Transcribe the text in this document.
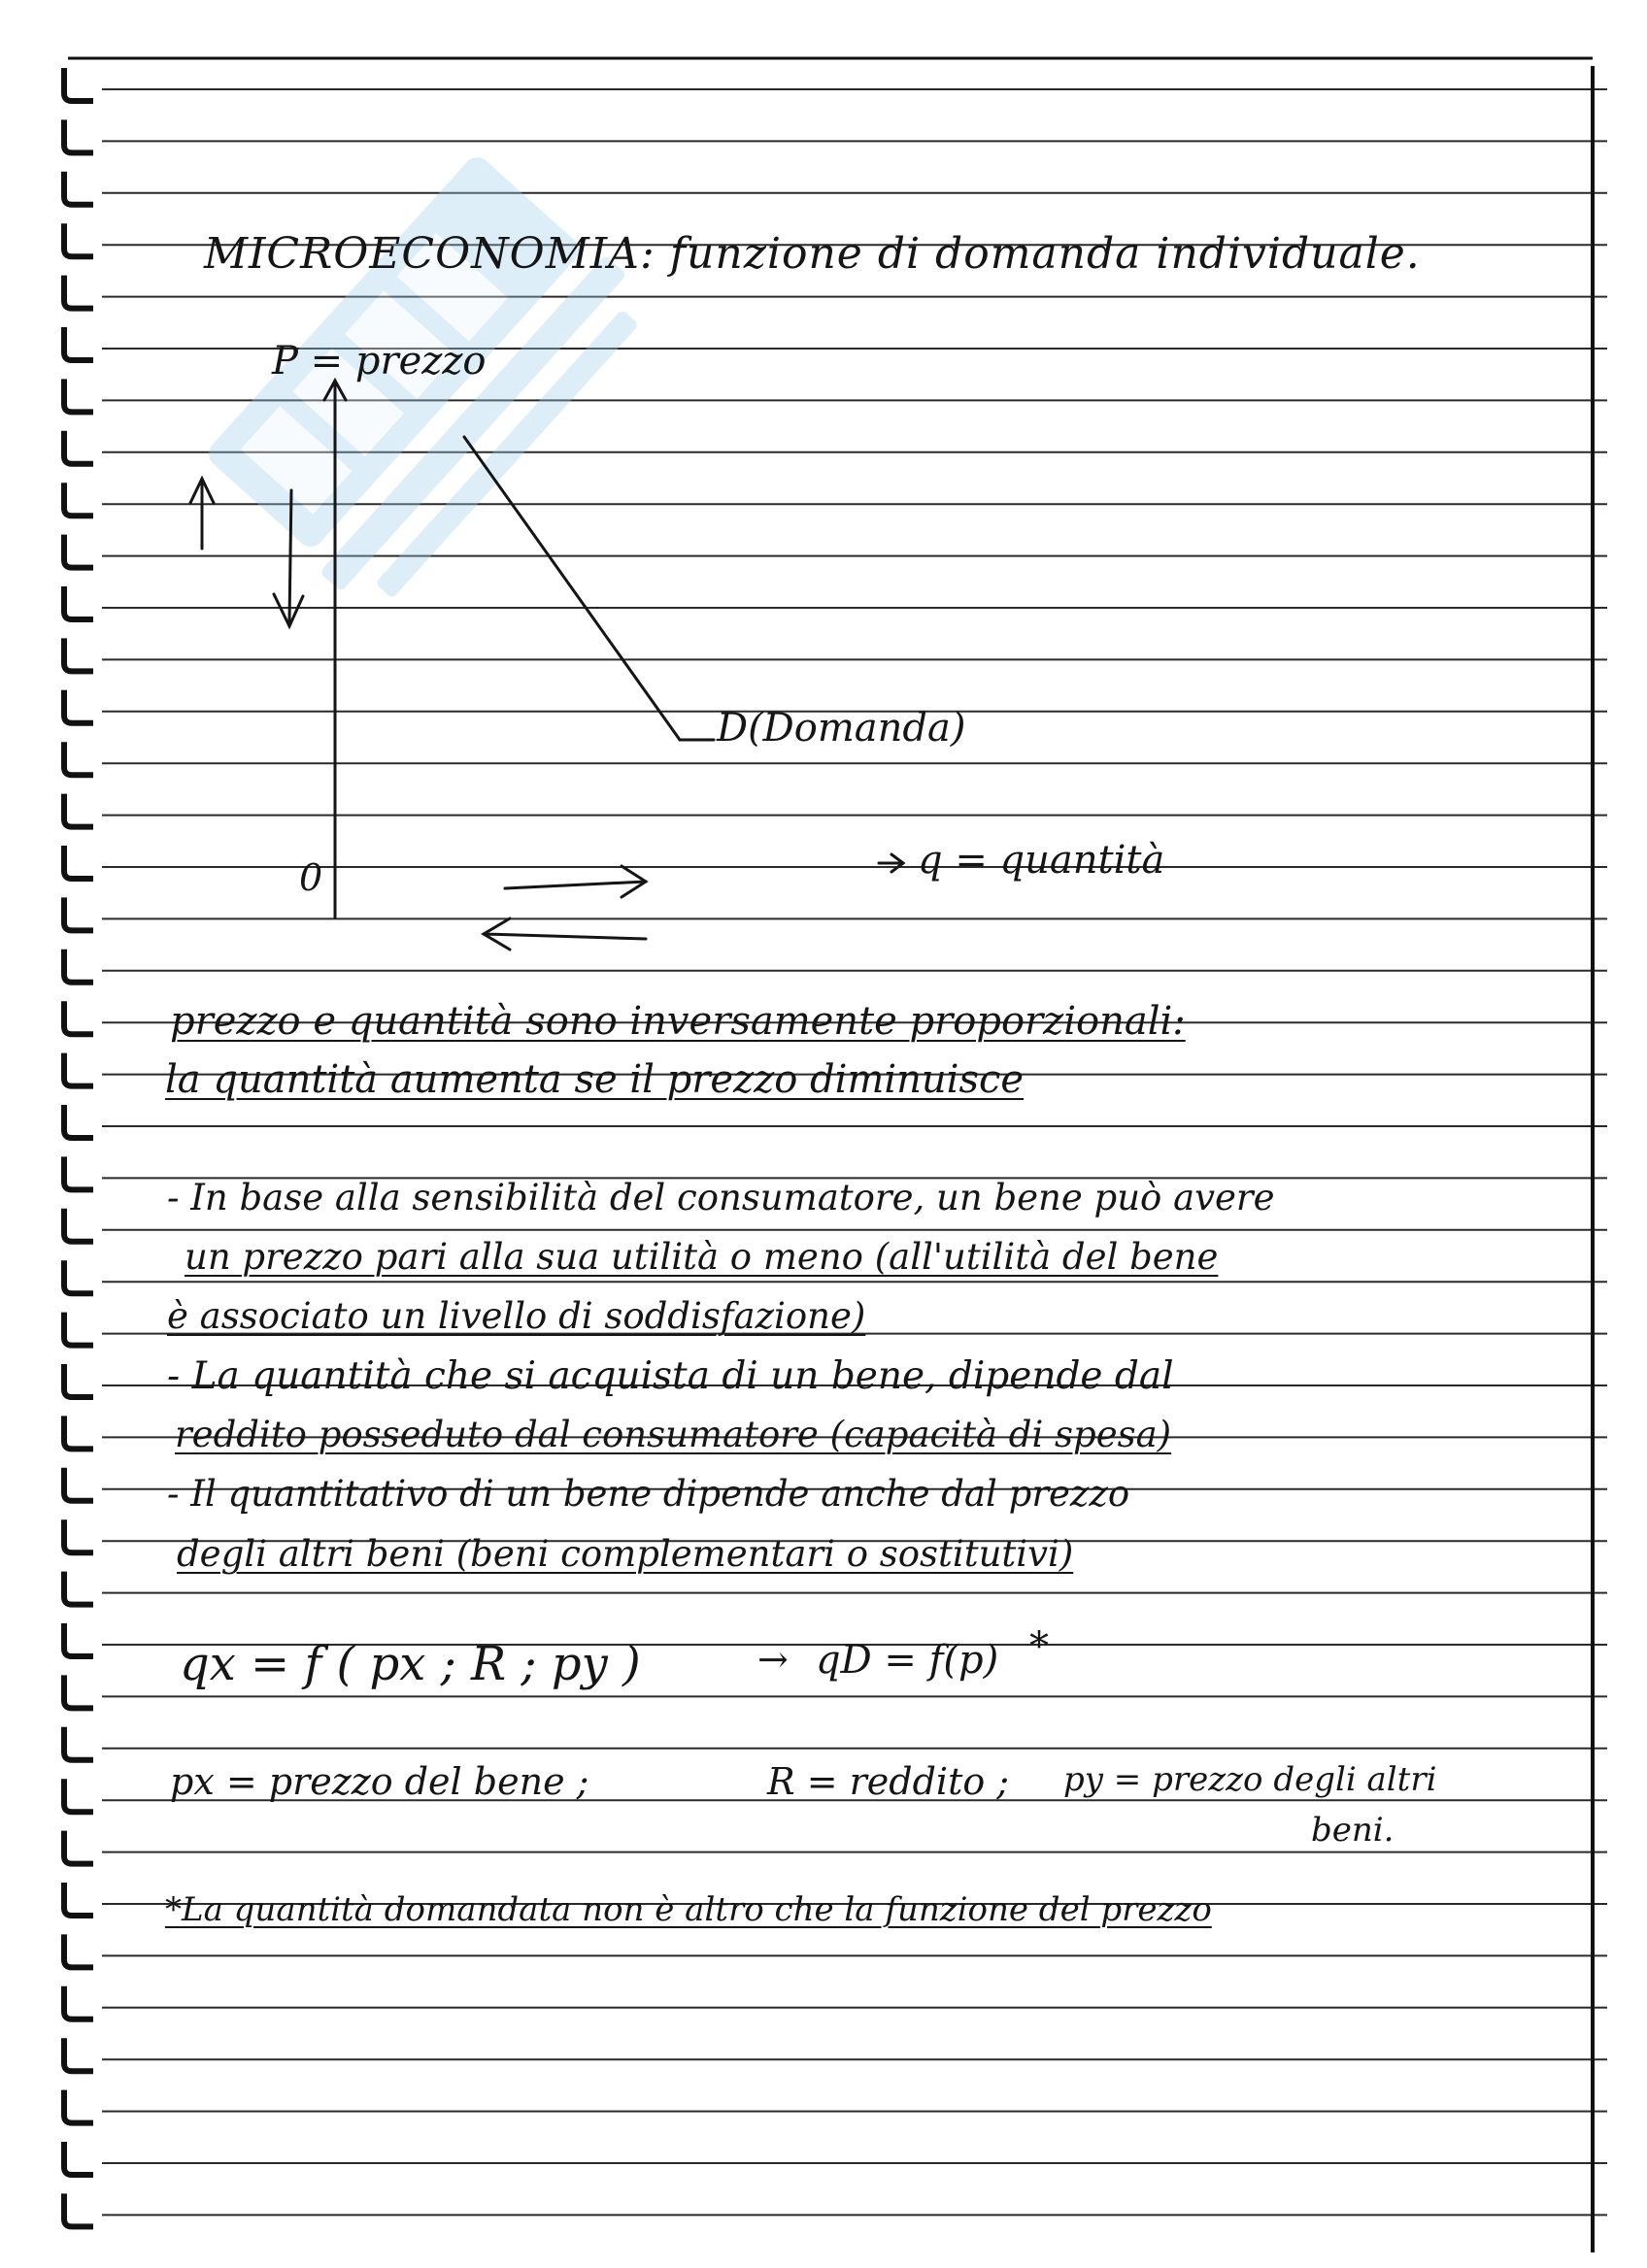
MICROECONOMIA: funzione di domanda individuale.
P = prezzo
D(Domanda)
q = quantità
0
prezzo e quantità sono inversamente proporzionali:
la quantità aumenta se il prezzo diminuisce
- In base alla sensibilità del consumatore, un bene può avere
un prezzo pari alla sua utilità o meno (all'utilità del bene
è associato un livello di soddisfazione)
- La quantità che si acquista di un bene, dipende dal
reddito posseduto dal consumatore (capacità di spesa)
- Il quantitativo di un bene dipende anche dal prezzo
degli altri beni (beni complementari o sostitutivi)
qx = f ( px ; R ; py )	→ qD = f(p) *
px = prezzo del bene ;	R = reddito ; py = prezzo degli altri
beni.
*La quantità domandata non è altro che la funzione del prezzo
